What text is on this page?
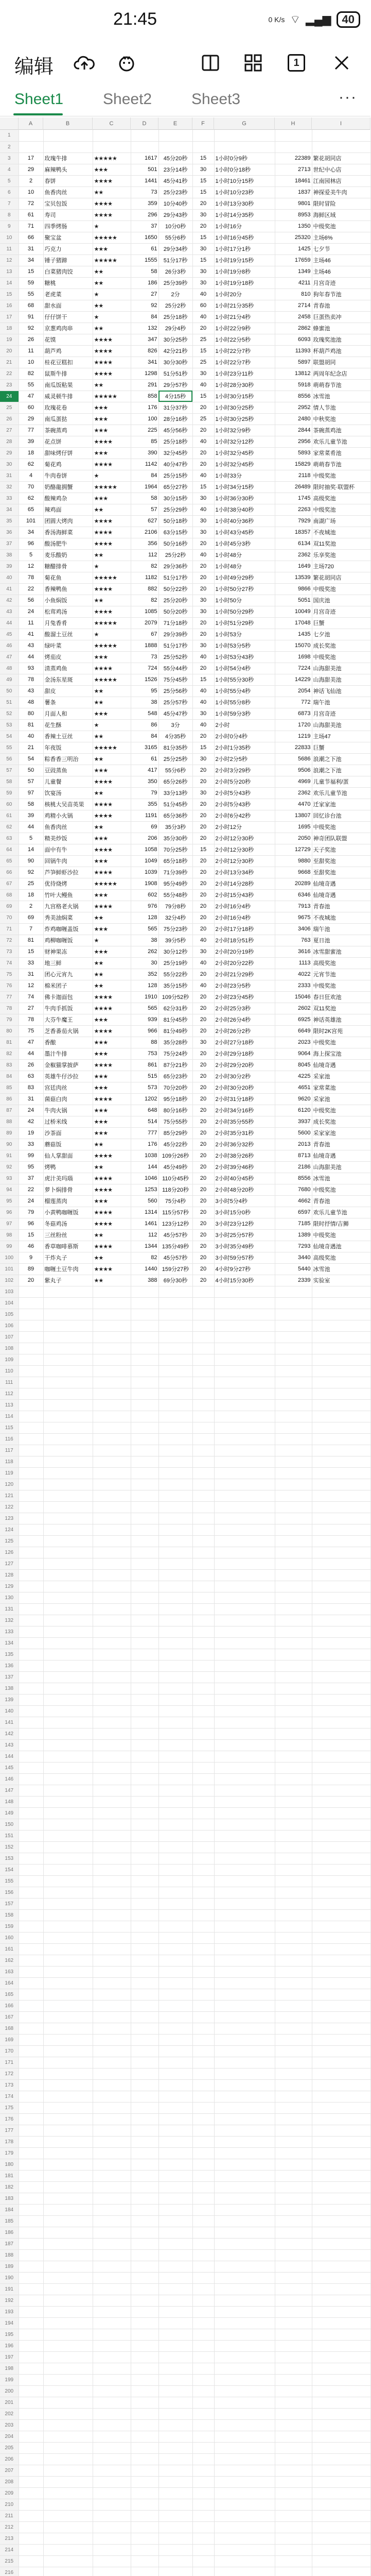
21:45	0 K/s ⌔ ▂▄▆ 40
编辑	1
Sheet1	Sheet2	Sheet3	···
A	B	C	D	E	F	G	H	I
1									
2									
3	17	玫瑰牛排	★★★★★	1617	45分20秒	15	1小时0分9秒	22389	繁花胡同店
4	29	麻辣鸭头	★★★	501	23分14秒	30	1小时0分18秒	2713	世纪中心店
5	2	春饼	★★★★	1441	45分41秒	15	1小时10分15秒	18461	江南园林店
6	10	鱼香肉丝	★★	73	25分23秒	15	1小时10分23秒	1837	神探爱美牛肉
7	72	宝贝包饭	★★★★	359	10分40秒	20	1小时13分30秒	9801	限时冒险
8	61	寿司	★★★★	296	29分43秒	30	1小时14分35秒	8953	海鲜区域
9	71	四季烤肠	★	37	10分0秒	20	1小时16分	1350	中级奖池
10	66	聚宝盆	★★★★★	1650	55分6秒	15	1小时16分45秒	25320	主场6%
11	31	巧克力	★★★	61	29分34秒	30	1小时17分1秒	1425	七夕节
12	34	锤子猪蹄	★★★★★	1555	51分17秒	15	1小时19分15秒	17659	主场46
13	15	白菜猪肉饺	★★	58	26分3秒	30	1小时19分8秒	1349	主场46
14	59	糖桃	★★	186	25分39秒	30	1小时19分18秒	4211	月宫奇迹
15	55	老虎菜	★	27	2分	40	1小时20分	810	狗年春节池
16	68	甜水面	★★	92	25分2秒	60	1小时21分35秒	2714	青春池
17	91	仔仔饼干	★	84	25分18秒	40	1小时21分4秒	2458	巨蛋热卖冲
18	92	京葱鸡肉串	★★	132	29分4秒	20	1小时22分9秒	2862	蜂蜜池
19	26	花馍	★★★★	347	30分25秒	25	1小时22分5秒	6093	玫瑰奖池池
20	11	葫芦鸡	★★★★	826	42分21秒	15	1小时22分7秒	11393	杯葫芦鸡池
21	10	桂花豆糕扣	★★★★	341	30分30秒	25	1小时22分7秒	5897	联盟胡同
22	82	鼠斯牛排	★★★★	1298	51分51秒	30	1小时23分11秒	13812	两周年纪念店
23	55	南瓜饭粘果	★★	291	29分57秒	40	1小时28分30秒	5918	萌萌春节池
24	47	威灵顿牛排	★★★★★	858	4分15秒	15	1小时30分15秒	8556	冰雪池
25	60	玫瑰花卷	★★★	176	31分37秒	20	1小时30分25秒	2952	情人节池
26	29	南瓜蛋挞	★★★	100	28分16秒	25	1小时30分25秒	2480	中秋奖池
27	77	茶碗蒸鸡	★★★	225	45分56秒	20	1小时32分9秒	2844	茶碗蒸鸡池
28	39	花点饼	★★★★	85	25分18秒	40	1小时32分12秒	2956	欢乐儿童节池
29	18	甜味烤仔饼	★★★	390	32分45秒	20	1小时32分45秒	5893	家常菜肴池
30	62	菊花鸡	★★★★	1142	40分47秒	20	1小时32分45秒	15829	萌萌春节池
31	4	牛肉卷饼	★	84	25分15秒	40	1小时33分	2118	中级奖池
32	70	奶酪龍拥蟹	★★★★★	1964	65分27秒	15	1小时34分15秒	26489	限时抽奖·联盟杯
33	62	酸辣鸡杂	★★★	58	30分15秒	30	1小时36分30秒	1745	高级奖池
34	65	辣鸡面	★★	57	25分29秒	40	1小时38分40秒	2263	中级奖池
35	101	团圆大烤肉	★★★★	627	50分18秒	30	1小时40分36秒	7929	南湖广场
36	34	香汤海鲜菜	★★★★	2106	63分15秒	30	1小时43分45秒	18357	不夜城池
37	96	酸汤肥牛	★★★★	356	50分16秒	20	1小时45分3秒	6134	双11奖池
38	5	麦乐酸奶	★★	112	25分2秒	40	1小时48分	2362	乐享奖池
39	12	糖醋排骨	★	82	29分36秒	20	1小时48分	1649	主场720
40	78	菊花鱼	★★★★★	1182	51分17秒	20	1小时49分29秒	13539	繁花胡同店
41	22	香辣鸭鱼	★★★★	882	50分22秒	20	1小时50分27秒	9866	中级奖池
42	56	小鱼焖饭	★★	82	25分20秒	30	1小时50分	5051	国庆池
43	24	松茸鸡汤	★★★★	1085	50分20秒	30	1小时50分29秒	10049	月宫奇迹
44	11	月兔香肴	★★★★★	2079	71分18秒	20	1小时51分29秒	17048	巨蟹
45	41	酸溜土豆丝	★	67	29分39秒	20	1小时53分	1435	七夕池
46	43	绿叶菜	★★★★★	1888	51分17秒	30	1小时53分5秒	15070	成长奖池
47	44	烤茄皮	★★★	73	25分52秒	40	1小时53分43秒	1698	中级奖池
48	93	清蒸鸡鱼	★★★★	724	55分44秒	20	1小时54分4秒	7224	山海甜美池
49	78	金汤东星斑	★★★★★	1526	75分45秒	15	1小时55分30秒	14229	山海甜美池
50	43	甜皮	★★	95	25分56秒	40	1小时55分4秒	2054	神话飞仙池
51	48	薯条	★★	38	25分57秒	40	1小时55分8秒	772	瑞午池
52	80	月面人和	★★★	548	45分47秒	30	1小时59分3秒	6873	月宫奇迹
53	81	花生酥	★	86	3分	40	2小时	1720	山海甜美池
54	40	香辣土豆丝	★★	84	4分35秒	20	2小时0分4秒	1219	主场47
55	21	年夜饭	★★★★★	3165	81分35秒	15	2小时1分35秒	22833	巨蟹
56	54	粽香香三明治	★★	61	25分25秒	30	2小时2分5秒	5686	浪潮之下池
57	50	豆豉蒸鱼	★★★	417	55分6秒	20	2小时3分29秒	9506	浪潮之下池
58	57	儿童餐	★★★★	350	65分26秒	20	2小时5分20秒	4969	儿童节福利/蛋
59	97	饮宴汤	★★	79	33分13秒	30	2小时5分43秒	2362	欢乐儿童节池
60	58	核桃大吴苗英果	★★★★	355	51分45秒	20	2小时5分43秒	4470	迁家家池
61	39	鸡精小火锅	★★★★	1191	65分36秒	20	2小时6分42秒	13807	回忆诊台池
62	44	鱼香肉丝	★★	69	35分3秒	20	2小时12分	1695	中级奖池
63	5	精美炒饭	★★★	206	35分30秒	20	2小时12分30秒	2050	神奇团队联盟
64	14	面中有牛	★★★★	1058	70分25秒	15	2小时12分30秒	12729	天子奖池
65	90	回锅牛肉	★★★	1049	65分18秒	20	2小时12分30秒	9880	至甜奖池
66	92	芦笋鲜虾沙拉	★★★★	1039	71分39秒	20	2小时13分34秒	9668	至甜奖池
67	25	优待烧烤	★★★★★	1908	95分49秒	20	2小时14分28秒	20289	仙境奇遇
68	18	竹叶大鳗鱼	★★★	602	55分48秒	20	2小时15分43秒	6346	仙境奇遇
69	2	九宫格老火锅	★★★★	976	79分8秒	20	2小时16分4秒	7913	青春池
70	69	秀美油焖菜	★★	128	32分4秒	20	2小时16分4秒	9675	不夜城池
71	7	炸鸡咖喱盖饭	★★★	565	75分23秒	20	2小时17分18秒	3406	瑞午池
72	81	鸡柳咖喱饭	★	38	39分5秒	40	2小时18分51秒	763	夏日池
73	15	财神果冻	★★★	262	30分12秒	30	2小时20分19秒	3616	冰雪甜蜜池
74	33	地三鲜	★★	30	25分19秒	40	2小时20分22秒	1113	高级奖池
75	31	团心元宵九	★★	352	55分22秒	20	2小时21分29秒	4022	元宵节池
76	12	棉米团子	★★	128	35分15秒	40	2小时23分5秒	2333	中级奖池
77	74	佛卡迦面包	★★★★	1910	109分52秒	20	2小时23分45秒	15046	春日狂欢池
78	27	牛肉手抓饭	★★★★	565	62分31秒	20	2小时25分3秒	2602	双11奖池
79	78	大芬牛魔王	★★★	939	81分45秒	20	2小时26分4秒	6925	神话英雄池
80	75	芝香番茄火锅	★★★★	966	81分49秒	20	2小时26分2秒	6649	限时2K宫苑
81	47	香酿	★★★	88	35分28秒	30	2小时27分18秒	2023	中级奖池
82	44	墨汁牛排	★★★	753	75分24秒	20	2小时29分18秒	9064	海上探宝池
83	26	金椒猫掌披萨	★★★★	861	87分21秒	20	2小时29分20秒	8045	仙境奇遇
84	63	英雄牛仔沙拉	★★★	515	65分23秒	20	2小时30分2秒	4225	采家池
85	83	宫廷肉丝	★★★	573	70分20秒	20	2小时30分20秒	4651	家常菜池
86	31	菌菇白肉	★★★★	1202	95分18秒	20	2小时31分18秒	9620	采家池
87	24	牛肉火锅	★★★	648	80分16秒	20	2小时34分16秒	6120	中级奖池
88	42	过桥米线	★★★	514	75分55秒	20	2小时35分55秒	3937	成长奖池
89	19	沙茶面	★★★	777	85分29秒	20	2小时35分31秒	5600	采家家池
90	33	蘑菇饭	★★	176	45分22秒	20	2小时36分32秒	2013	青春池
91	99	仙人掌甜面	★★★★	1038	109分26秒	20	2小时38分26秒	8713	仙境奇遇
92	95	烤鸭	★★	144	45分49秒	20	2小时39分46秒	2186	山海甜美池
93	37	虎汁美玛瑙	★★★★	1046	110分45秒	20	2小时40分45秒	8556	冰雪池
94	22	萝卜焖排骨	★★★★	1253	118分20秒	20	2小时48分20秒	7680	中级奖池
95	24	榴莲蒸肉	★★★	560	75分4秒	20	3小时5分4秒	4662	青春池
96	79	小黄鸭咖喱饭	★★★★	1314	115分57秒	20	3小时15分0秒	6597	欢乐儿童节池
97	96	冬菇鸡汤	★★★★	1461	123分12秒	20	3小时23分12秒	7185	限时抒情/吉狮
98	15	三丝粉丝	★★	112	45分57秒	20	3小时25分57秒	1389	中级奖池
99	46	香草咖啡慕斯	★★★★	1344	135分49秒	20	3小时35分49秒	7293	仙境奇遇池
100	9	干炸丸子	★★	82	45分57秒	20	3小时59分57秒	3440	高级奖池
101	89	咖喱土豆牛肉	★★★★	1440	159分27秒	20	4小时9分27秒	5440	冰雪池
102	20	紫丸子	★★	388	69分30秒	20	4小时15分30秒	2339	实验室
103									
104									
105									
106									
107									
108									
109									
110									
111									
112									
113									
114									
115									
116									
117									
118									
119									
120									
121									
122									
123									
124									
125									
126									
127									
128									
129									
130									
131									
132									
133									
134									
135									
136									
137									
138									
139									
140									
141									
142									
143									
144									
145									
146									
147									
148									
149									
150									
151									
152									
153									
154									
155									
156									
157									
158									
159									
160									
161									
162									
163									
164									
165									
166									
167									
168									
169									
170									
171									
172									
173									
174									
175									
176									
177									
178									
179									
180									
181									
182									
183									
184									
185									
186									
187									
188									
189									
190									
191									
192									
193									
194									
195									
196									
197									
198									
199									
200									
201									
202									
203									
204									
205									
206									
207									
208									
209									
210									
211									
212									
213									
214									
215									
216									
